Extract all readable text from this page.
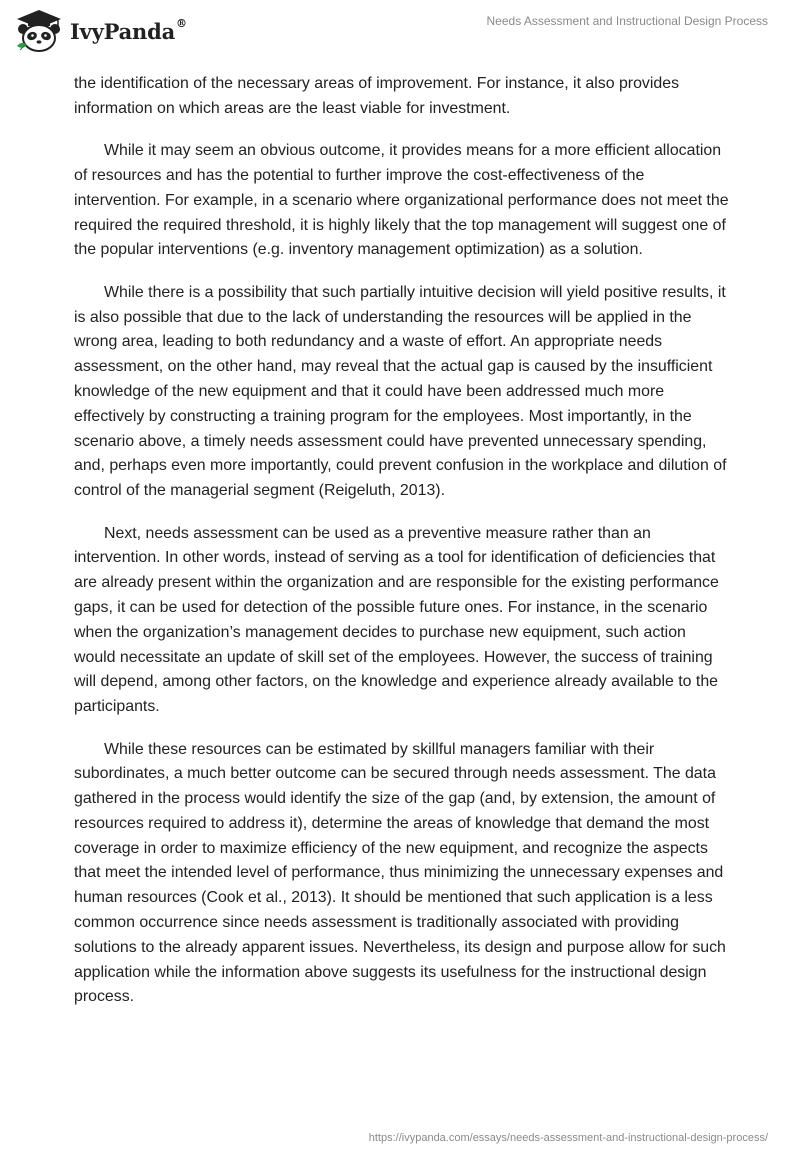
IvyPanda®	Needs Assessment and Instructional Design Process

the identification of the necessary areas of improvement. For instance, it also provides information on which areas are the least viable for investment.

While it may seem an obvious outcome, it provides means for a more efficient allocation of resources and has the potential to further improve the cost-effectiveness of the intervention. For example, in a scenario where organizational performance does not meet the required the required threshold, it is highly likely that the top management will suggest one of the popular interventions (e.g. inventory management optimization) as a solution.

While there is a possibility that such partially intuitive decision will yield positive results, it is also possible that due to the lack of understanding the resources will be applied in the wrong area, leading to both redundancy and a waste of effort. An appropriate needs assessment, on the other hand, may reveal that the actual gap is caused by the insufficient knowledge of the new equipment and that it could have been addressed much more effectively by constructing a training program for the employees. Most importantly, in the scenario above, a timely needs assessment could have prevented unnecessary spending, and, perhaps even more importantly, could prevent confusion in the workplace and dilution of control of the managerial segment (Reigeluth, 2013).

Next, needs assessment can be used as a preventive measure rather than an intervention. In other words, instead of serving as a tool for identification of deficiencies that are already present within the organization and are responsible for the existing performance gaps, it can be used for detection of the possible future ones. For instance, in the scenario when the organization’s management decides to purchase new equipment, such action would necessitate an update of skill set of the employees. However, the success of training will depend, among other factors, on the knowledge and experience already available to the participants.

While these resources can be estimated by skillful managers familiar with their subordinates, a much better outcome can be secured through needs assessment. The data gathered in the process would identify the size of the gap (and, by extension, the amount of resources required to address it), determine the areas of knowledge that demand the most coverage in order to maximize efficiency of the new equipment, and recognize the aspects that meet the intended level of performance, thus minimizing the unnecessary expenses and human resources (Cook et al., 2013). It should be mentioned that such application is a less common occurrence since needs assessment is traditionally associated with providing solutions to the already apparent issues. Nevertheless, its design and purpose allow for such application while the information above suggests its usefulness for the instructional design process.

https://ivypanda.com/essays/needs-assessment-and-instructional-design-process/
